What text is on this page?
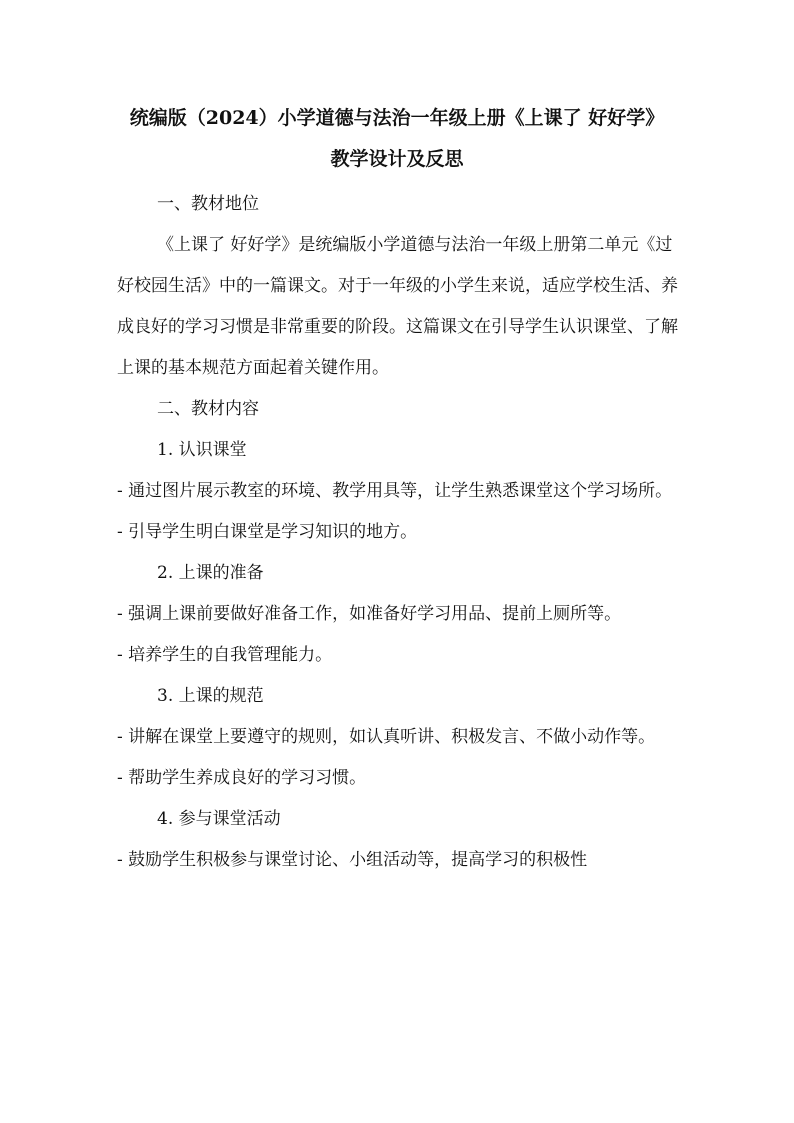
统编版（2024）小学道德与法治一年级上册《上课了 好好学》
教学设计及反思

一、教材地位

《上课了 好好学》是统编版小学道德与法治一年级上册第二单元《过好校园生活》中的一篇课文。对于一年级的小学生来说，适应学校生活、养成良好的学习习惯是非常重要的阶段。这篇课文在引导学生认识课堂、了解上课的基本规范方面起着关键作用。

二、教材内容

1. 认识课堂

- 通过图片展示教室的环境、教学用具等，让学生熟悉课堂这个学习场所。

- 引导学生明白课堂是学习知识的地方。

2. 上课的准备

- 强调上课前要做好准备工作，如准备好学习用品、提前上厕所等。

- 培养学生的自我管理能力。

3. 上课的规范

- 讲解在课堂上要遵守的规则，如认真听讲、积极发言、不做小动作等。

- 帮助学生养成良好的学习习惯。

4. 参与课堂活动

- 鼓励学生积极参与课堂讨论、小组活动等，提高学习的积极性
